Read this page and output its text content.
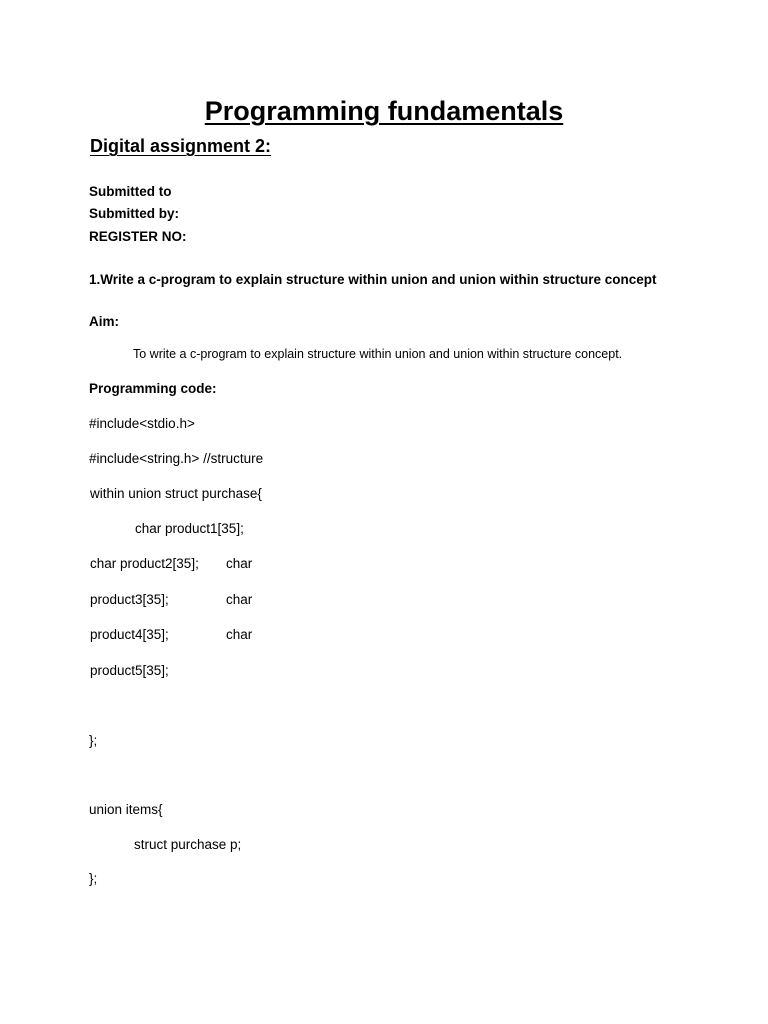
Programming fundamentals
Digital assignment 2:
Submitted to
Submitted by:
REGISTER NO:
1.Write a c-program to explain structure within union and union within structure concept
Aim:
To write a c-program to explain structure within union and union within structure concept.
Programming code:
#include<stdio.h>
#include<string.h> //structure
within union struct purchase{
char product1[35];
char product2[35]; char
product3[35];	char
product4[35];	char
product5[35];
};
union items{
struct purchase p;
};
